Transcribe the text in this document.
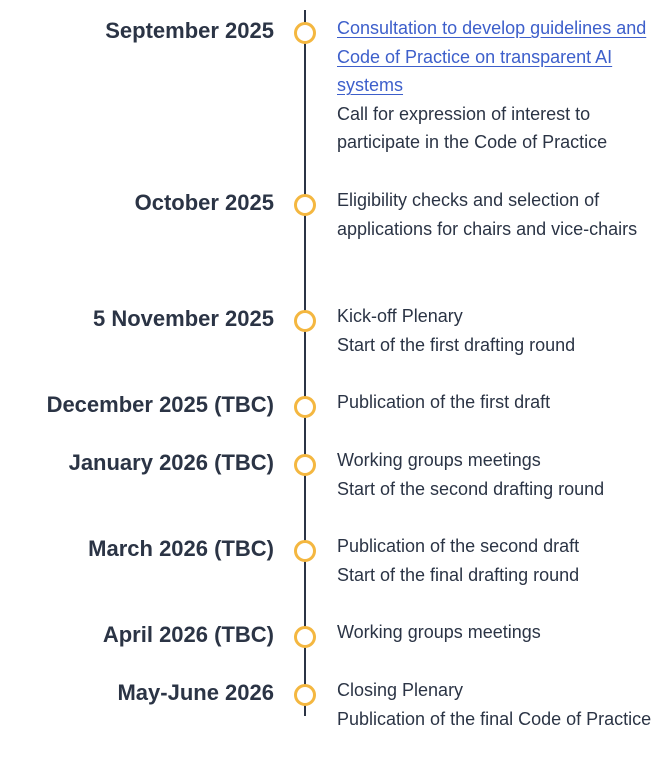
September 2025	Consultation to develop guidelines and Code of Practice on transparent AI systems
Call for expression of interest to participate in the Code of Practice
October 2025	Eligibility checks and selection of applications for chairs and vice-chairs
5 November 2025	Kick-off Plenary
Start of the first drafting round
December 2025 (TBC)	Publication of the first draft
January 2026 (TBC)	Working groups meetings
Start of the second drafting round
March 2026 (TBC)	Publication of the second draft
Start of the final drafting round
April 2026 (TBC)	Working groups meetings
May-June 2026	Closing Plenary
Publication of the final Code of Practice
